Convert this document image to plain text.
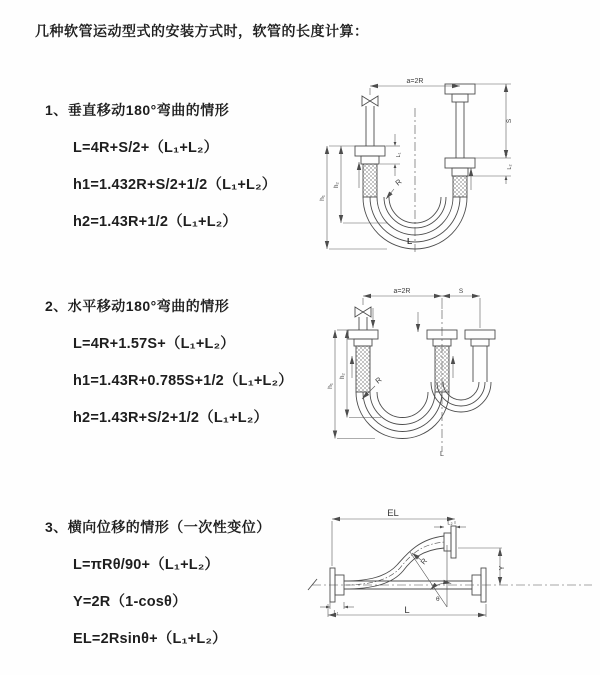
几种软管运动型式的安装方式时，软管的长度计算：
1、垂直移动180°弯曲的情形
L=4R+S/2+（L₁+L₂）
h1=1.432R+S/2+1/2（L₁+L₂）
h2=1.43R+1/2（L₁+L₂）
2、水平移动180°弯曲的情形
L=4R+1.57S+（L₁+L₂）
h1=1.43R+0.785S+1/2（L₁+L₂）
h2=1.43R+S/2+1/2（L₁+L₂）
3、横向位移的情形（一次性变位）
L=πRθ/90+（L₁+L₂）
Y=2R（1-cosθ）
EL=2Rsinθ+（L₁+L₂）
a=2R
L₁
h₁
h₂
S
L₂
R
L
a=2R	S
h₁
h₂	R
L
EL
L₂
Y
L₁	L
R
θ
